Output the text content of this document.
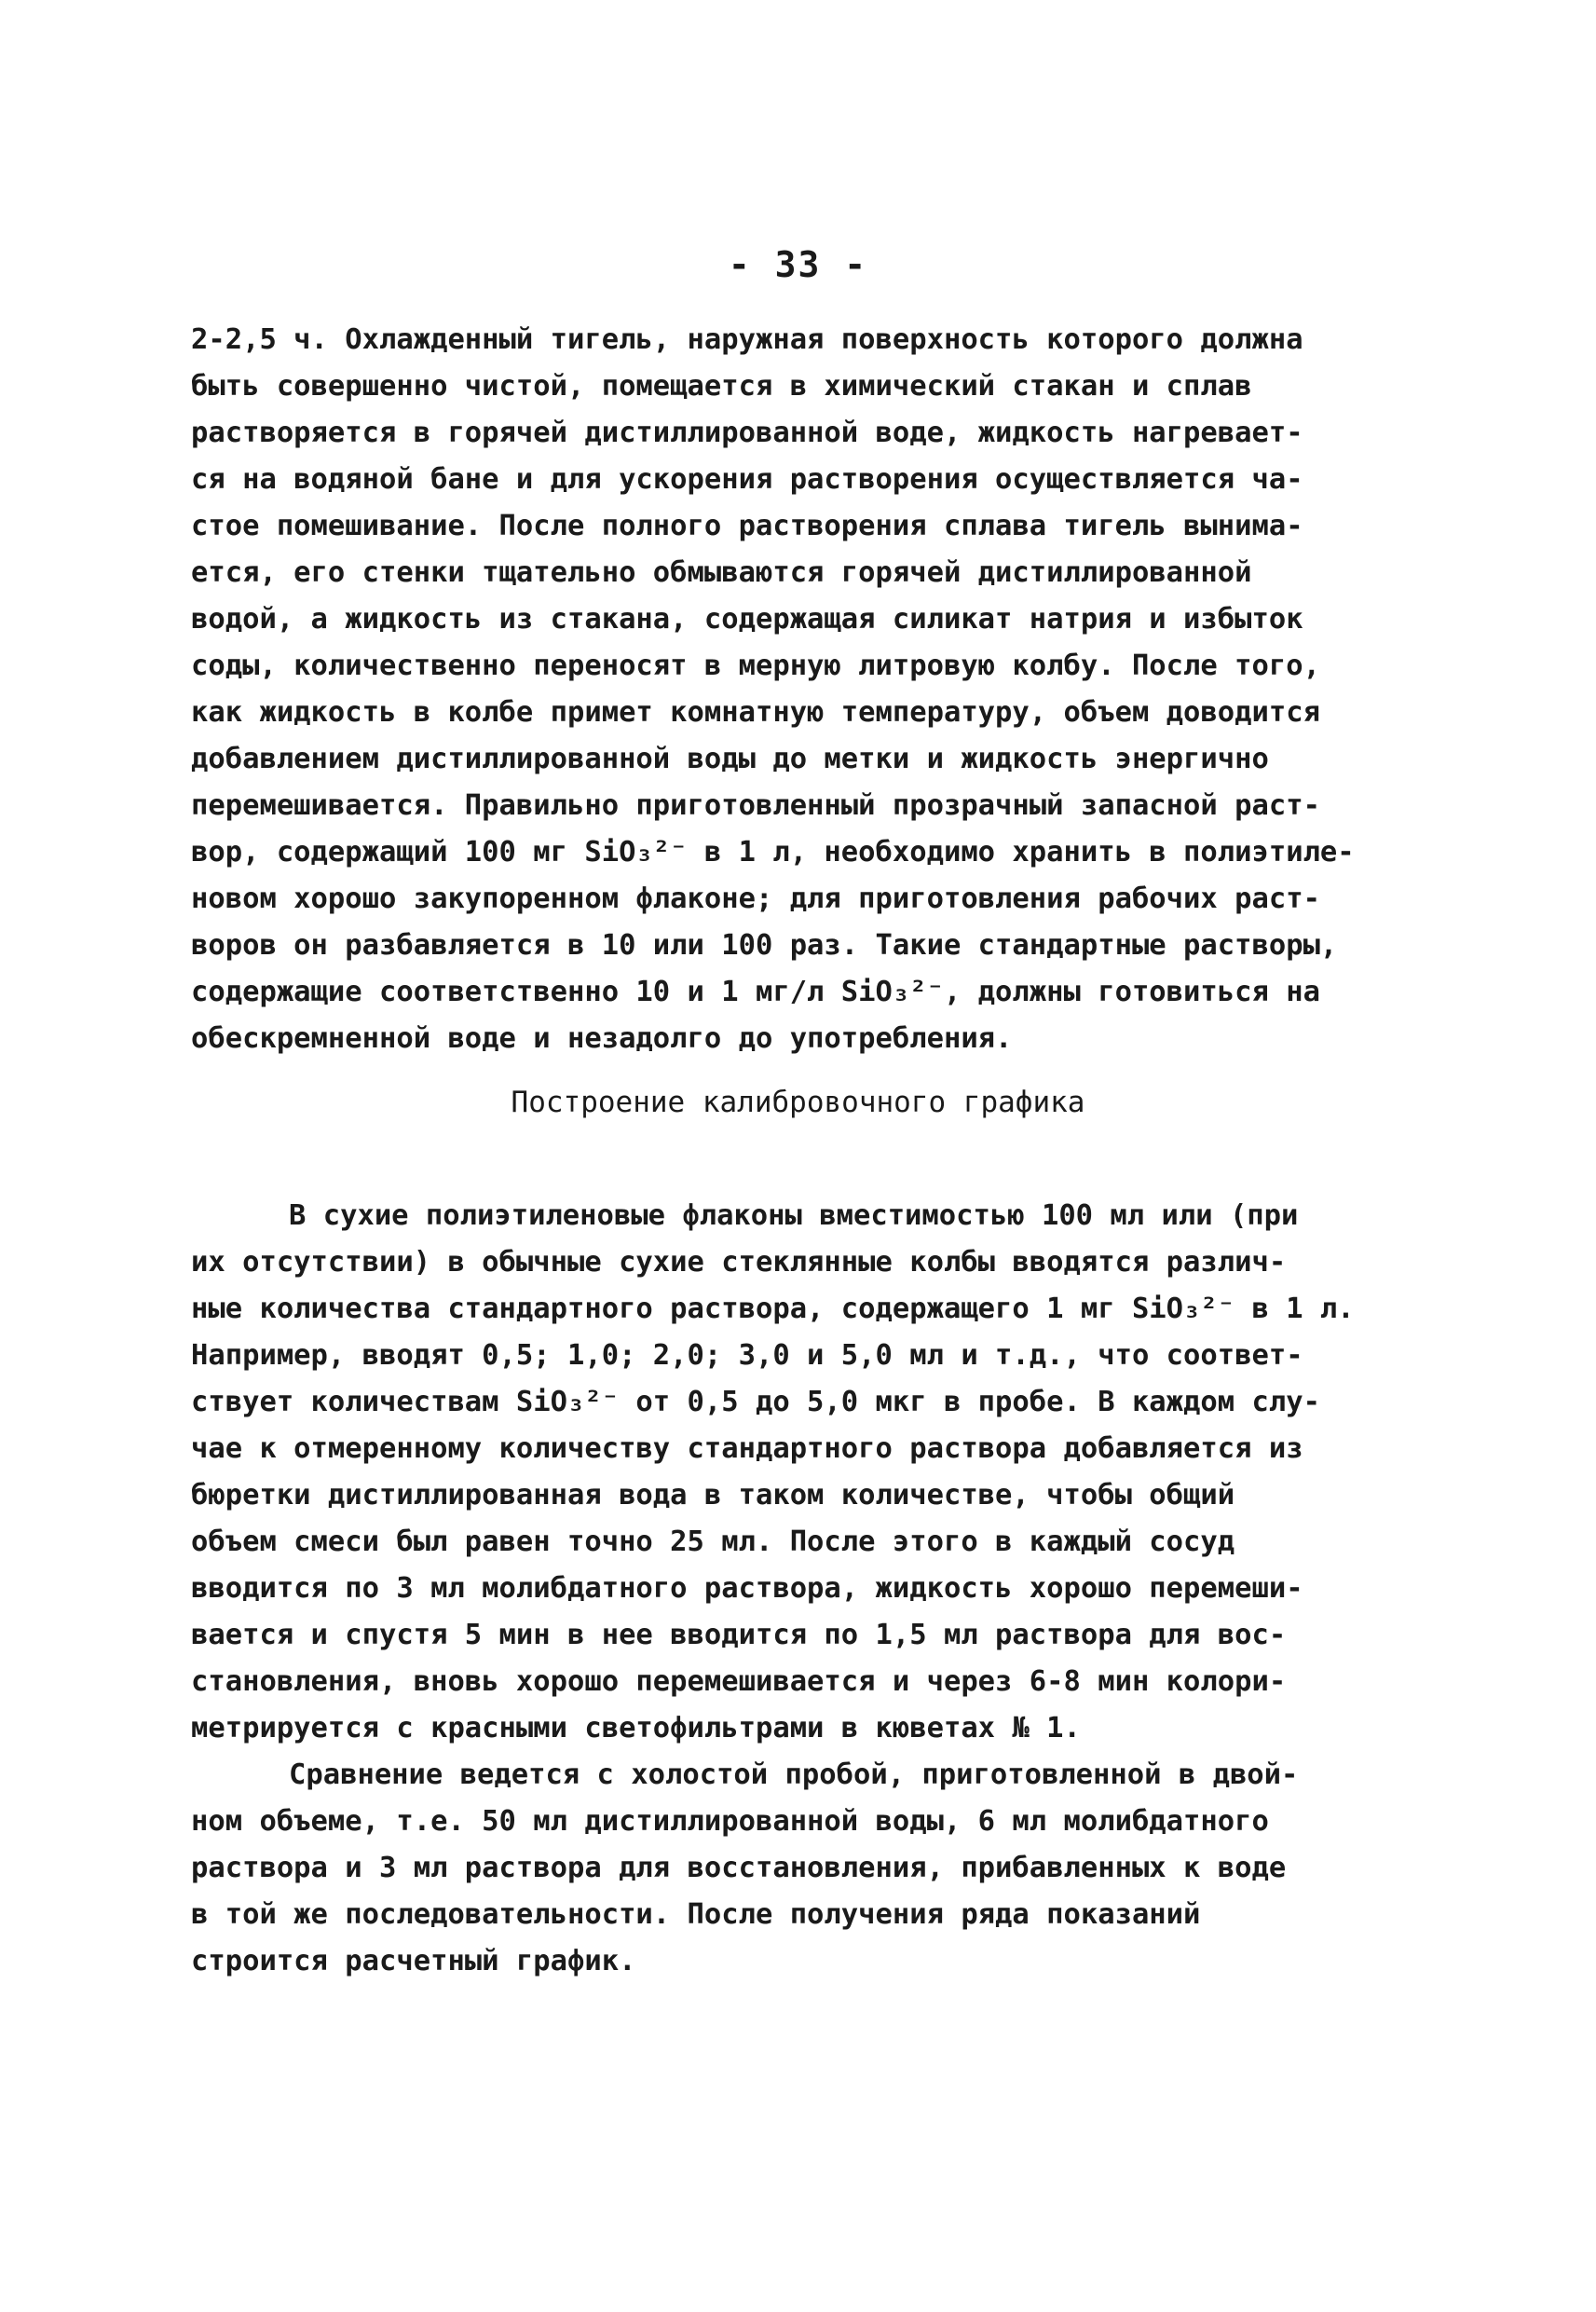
- 33 -
2-2,5 ч. Охлажденный тигель, наружная поверхность которого должна
быть совершенно чистой, помещается в химический стакан и сплав
растворяется в горячей дистиллированной воде, жидкость нагревает-
ся на водяной бане и для ускорения растворения осуществляется ча-
стое помешивание. После полного растворения сплава тигель вынима-
ется, его стенки тщательно обмываются горячей дистиллированной
водой, а жидкость из стакана, содержащая силикат натрия и избыток
соды, количественно переносят в мерную литровую колбу. После того,
как жидкость в колбе примет комнатную температуру, объем доводится
добавлением дистиллированной воды до метки и жидкость энергично
перемешивается. Правильно приготовленный прозрачный запасной раст-
вор, содержащий 100 мг SiO₃²⁻ в 1 л, необходимо хранить в полиэтиле-
новом хорошо закупоренном флаконе; для приготовления рабочих раст-
воров он разбавляется в 10 или 100 раз. Такие стандартные растворы,
содержащие соответственно 10 и 1 мг/л SiO₃²⁻, должны готовиться на
обескремненной воде и незадолго до употребления.
Построение калибровочного графика
В сухие полиэтиленовые флаконы вместимостью 100 мл или (при
их отсутствии) в обычные сухие стеклянные колбы вводятся различ-
ные количества стандартного раствора, содержащего 1 мг SiO₃²⁻ в 1 л.
Например, вводят 0,5; 1,0; 2,0; 3,0 и 5,0 мл и т.д., что соответ-
ствует количествам SiO₃²⁻ от 0,5 до 5,0 мкг в пробе. В каждом слу-
чае к отмеренному количеству стандартного раствора добавляется из
бюретки дистиллированная вода в таком количестве, чтобы общий
объем смеси был равен точно 25 мл. После этого в каждый сосуд
вводится по 3 мл молибдатного раствора, жидкость хорошо перемеши-
вается и спустя 5 мин в нее вводится по 1,5 мл раствора для вос-
становления, вновь хорошо перемешивается и через 6-8 мин колори-
метрируется с красными светофильтрами в кюветах № 1.
Сравнение ведется с холостой пробой, приготовленной в двой-
ном объеме, т.е. 50 мл дистиллированной воды, 6 мл молибдатного
раствора и 3 мл раствора для восстановления, прибавленных к воде
в той же последовательности. После получения ряда показаний
строится расчетный график.
